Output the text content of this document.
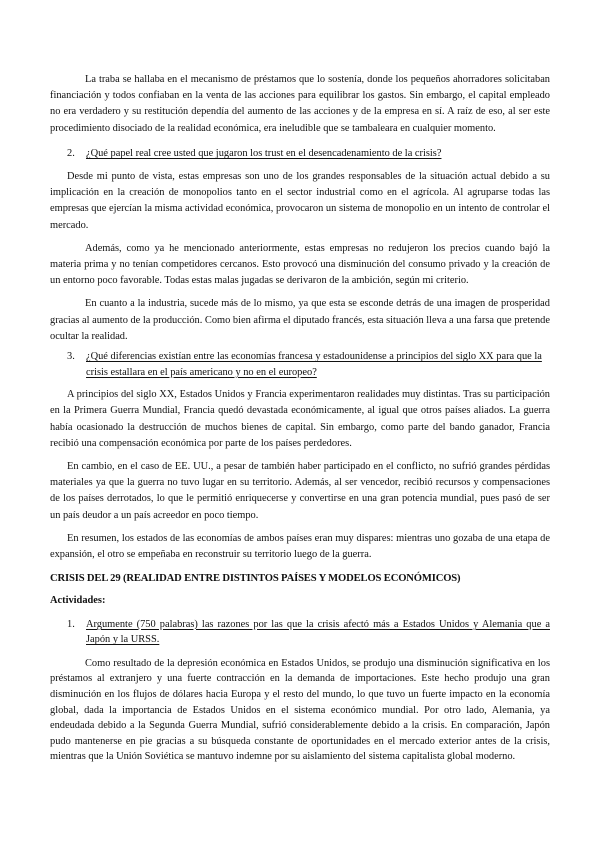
La traba se hallaba en el mecanismo de préstamos que lo sostenía, donde los pequeños ahorradores solicitaban financiación y todos confiaban en la venta de las acciones para equilibrar los gastos. Sin embargo, el capital empleado no era verdadero y su restitución dependía del aumento de las acciones y de la empresa en sí. A raíz de eso, al ser este procedimiento disociado de la realidad económica, era ineludible que se tambaleara en cualquier momento.

2. ¿Qué papel real cree usted que jugaron los trust en el desencadenamiento de la crisis?

Desde mi punto de vista, estas empresas son uno de los grandes responsables de la situación actual debido a su implicación en la creación de monopolios tanto en el sector industrial como en el agrícola. Al agruparse todas las empresas que ejercían la misma actividad económica, provocaron un sistema de monopolio en un intento de controlar el mercado.

Además, como ya he mencionado anteriormente, estas empresas no redujeron los precios cuando bajó la materia prima y no tenían competidores cercanos. Esto provocó una disminución del consumo privado y la creación de un entorno poco favorable. Todas estas malas jugadas se derivaron de la ambición, según mi criterio.

En cuanto a la industria, sucede más de lo mismo, ya que esta se esconde detrás de una imagen de prosperidad gracias al aumento de la producción. Como bien afirma el diputado francés, esta situación lleva a una farsa que pretende ocultar la realidad.

3. ¿Qué diferencias existían entre las economías francesa y estadounidense a principios del siglo XX para que la crisis estallara en el país americano y no en el europeo?

A principios del siglo XX, Estados Unidos y Francia experimentaron realidades muy distintas. Tras su participación en la Primera Guerra Mundial, Francia quedó devastada económicamente, al igual que otros países aliados. La guerra había ocasionado la destrucción de muchos bienes de capital. Sin embargo, como parte del bando ganador, Francia recibió una compensación económica por parte de los países perdedores.

En cambio, en el caso de EE. UU., a pesar de también haber participado en el conflicto, no sufrió grandes pérdidas materiales ya que la guerra no tuvo lugar en su territorio. Además, al ser vencedor, recibió recursos y compensaciones de los países derrotados, lo que le permitió enriquecerse y convertirse en una gran potencia mundial, pues pasó de ser un país deudor a un país acreedor en poco tiempo.

En resumen, los estados de las economías de ambos países eran muy dispares: mientras uno gozaba de una etapa de expansión, el otro se empeñaba en reconstruir su territorio luego de la guerra.

CRISIS DEL 29 (REALIDAD ENTRE DISTINTOS PAÍSES Y MODELOS ECONÓMICOS)
Actividades:
1. Argumente (750 palabras) las razones por las que la crisis afectó más a Estados Unidos y Alemania que a Japón y la URSS.

Como resultado de la depresión económica en Estados Unidos, se produjo una disminución significativa en los préstamos al extranjero y una fuerte contracción en la demanda de importaciones. Este hecho produjo una gran disminución en los flujos de dólares hacia Europa y el resto del mundo, lo que tuvo un fuerte impacto en la economía global, dada la importancia de Estados Unidos en el sistema económico mundial. Por otro lado, Alemania, ya endeudada debido a la Segunda Guerra Mundial, sufrió considerablemente debido a la crisis. En comparación, Japón pudo mantenerse en pie gracias a su búsqueda constante de oportunidades en el mercado exterior antes de la crisis, mientras que la Unión Soviética se mantuvo indemne por su aislamiento del sistema capitalista global moderno.
